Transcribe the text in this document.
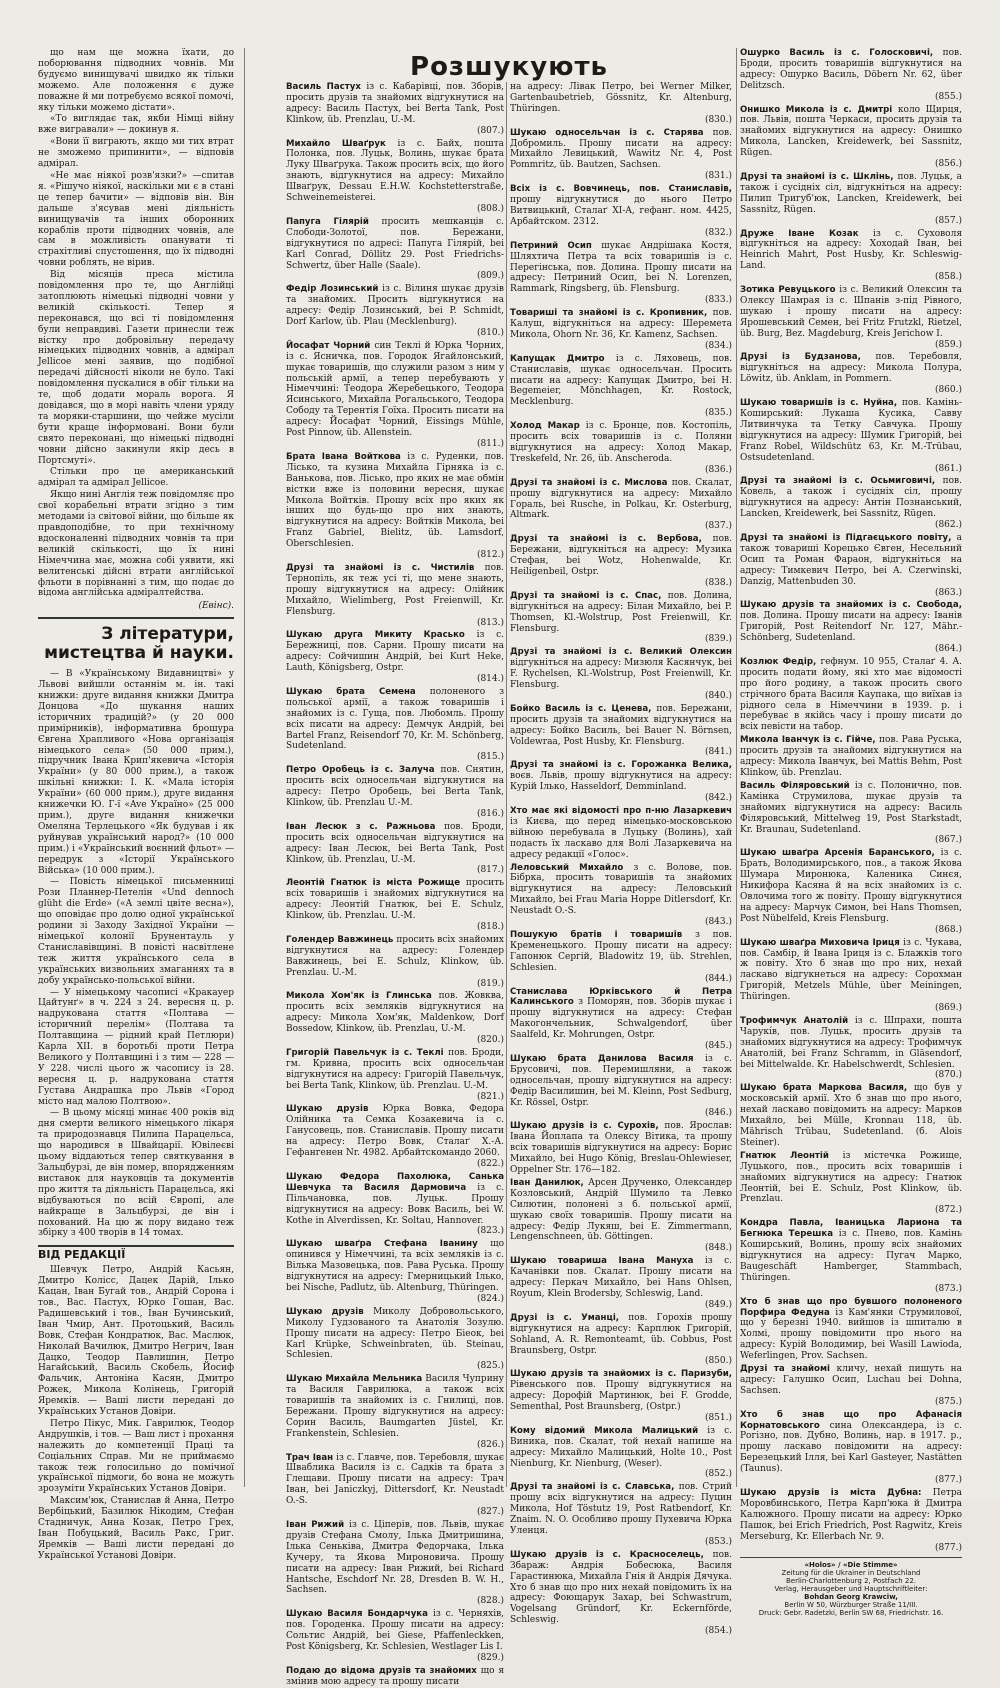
Розшукують
що нам ще можна їхати, до поборювання підводних човнів. Ми будуємо винищувачі швидко як тільки можемо. Але положення є дуже поважне й ми потребуємо всякої помочі, яку тільки можемо дістати».
«То виглядає так, якби Німці війну вже вигравали» — докинув я.
«Вони її виграють, якщо ми тих втрат не зможемо припинити», — відповів адмірал.
«Не має ніякої розв'язки?» —спитав я. «Рішучо ніякої, наскільки ми є в стані це тепер бачити» — відповів він. Він дальше з'ясував мені діяльність винищувачів та інших оборонних кораблів проти підводних човнів, але сам в можливість опанувати ті страхітливі спустошення, що їх підводні човни роблять, не вірив.
Від місяців преса містила повідомлення про те, що Англійці затоплюють німецькі підводні човни у великій скількості. Тепер я переконався, що всі ті повідомлення були неправдиві. Газети принесли теж вістку про добровільну передачу німецьких підводних човнів, а адмірал Jellicoe мені заявив, що подібної передачі дійсності ніколи не було. Такі повідомлення пускалися в обіг тільки на те, щоб додати мораль ворога. Я довідався, що в морі навіть члени уряду та моряки-старшини, що чейже мусіли бути краще інформовані. Вони були свято переконані, що німецькі підводні човни дійсно закинули якір десь в Портсмуті».
Стільки про це американський адмірал та адмірал Jellicoe.
Якщо нині Англія теж повідомляє про свої корабельні втрати згідно з тим методами із світової війни, що більше як правдоподібне, то при технічному вдосконаленні підводних човнів та при великій скількості, що їх нині Німеччина має, можна собі уявити, які велитенські дійсні втрати англійської фльоти в порівнанні з тим, що подає до відома англійська адміралтейства.
(Евінс).
З літератури, мистецтва й науки.
— В «Українському Видавництві» у Львові вийшли останнім м. ін. такі книжки: друге видання книжки Дмитра Донцова «До шукання наших історичних традицій?» (у 20 000 примірників), інформативна брошура Євгена Храпливого «Нова організація німецького села» (50 000 прим.), підручник Івана Крип'якевича «Історія України» (у 80 000 прим.), а також шкільні книжки: І. К. «Мала історія України» (60 000 прим.), друге видання книжечки Ю. Г-ї «Ave Україно» (25 000 прим.), друге видання книжечки Омеляна Терлецького «Як будував і як руйнував український народ?» (10 000 прим.) і «Український воєнний фльот» — передрук з «Історії Українського Війська» (10 000 прим.).
— Повість німецької письменниці Рози Планнер-Петелін «Und dennoch glüht die Erde» («А землі цвіте весна»), що оповідає про долю одної української родини зі Заходу Західної України — німецької колонії Брунентауль у Станиславівщині. В повісті насвітлене теж життя українського села в українських визвольних змаганнях та в добу українсько-польської війни.
— У німецькому часописі «Кракауер Цайтунґ» в ч. 224 з 24. вересня ц. р. надрукована стаття «Полтава — історичний перелім» (Полтава та Полтавщина — рідний край Петлюри) Карла XII. в боротьбі проти Петра Великого у Полтавщині і з тим — 228 — У 228. числі цього ж часопису із 28. вересня ц. р. надрукована стаття Густава Андрашка про Львів «Город місто над малою Полтвою».
— В цьому місяці минає 400 років від дня смерти великого німецького лікаря та природознавця Пилипа Парацельса, що народився в Швайцарії. Ювілеєві цьому віддаються тепер святкування в Зальцбурзі, де він помер, впорядженням виставок для науковців та документів про життя та діяльність Парацельса, які відбуваються по всій Європі, але найкраще в Зальцбурзі, де він і похований. На цю ж пору видано теж збірку з 400 творів в 14 томах.
ВІД РЕДАКЦІЇ
Шевчук Петро, Андрій Касьян, Дмитро Колісс, Дацек Дарій, Ілько Кацан, Іван Бугай тов., Андрій Сорона і тов., Вас. Пастух, Юрко Гошан, Вас. Радишевський і тов., Іван Бучинський, Іван Чмир, Ант. Протоцький, Василь Вовк, Стефан Кондратюк, Вас. Маслюк, Николай Вачилюк, Дмитро Негрич, Іван Дацко, Теодор Павлишин, Петро Нагайський, Василь Скобель, Йосиф Фальчик, Антоніна Касян, Дмитро Рожек, Микола Колінець, Григорій Яремків. — Ваші листи передані до Українських Установ Довіри.
Петро Пікус, Мик. Гаврилюк, Теодор Андрушків, і тов. — Ваш лист і прохання належить до компетенції Праці та Соціальних Справ. Ми не приймаємо також теж голосильно до помічної української підмоги, бо вона не можуть зрозуміти Українських Установ Довіри.
Максим'юк, Станислав й Анна, Петро Вербіцький, Базилюк Нікодим, Стефан Стадничук, Анна Козак, Петро Грех, Іван Побуцький, Василь Ракс, Григ. Яремків — Ваші листи передані до Української Установі Довіри.
Василь Пастух із с. Кабарівці, пов. Зборів, просить друзів та знайомих відгукнутися на адресу: Василь Пастух, bei Berta Tank, Post Klinkow, üb. Prenzlau, U.-M.
(807.)
Михайло Шваґрук із с. Байх, пошта Полонка, пов. Луцьк, Волинь, шукає брата Луку Шваґрука. Також просить всіх, що його знають, відгукнутися на адресу: Михайло Шваґрук, Dessau E.H.W. Kochstetterstraße, Schweinemeisterei.
(808.)
Папуга Гілярій просить мешканців с. Слободи-Золотої, пов. Бережани, відгукнутися по адресі: Папуга Гілярій, bei Karl Conrad, Döllitz 29. Post Friedrichs-Schwertz, über Halle (Saale).
(809.)
Федір Лозинський із с. Вілиня шукає друзів та знайомих. Просить відгукнутися на адресу: Федір Лозинський, bei P. Schmidt, Dorf Karlow, üb. Plau (Mecklenburg).
(810.)
Йосафат Чорний син Теклі й Юрка Чорних, із с. Ясничка, пов. Городок Ягайлонський, шукає товаришів, що служили разом з ним у польській армії, а тепер перебувають у Німеччині: Теодора Жеребецького, Теодора Ясинського, Михайла Рогальського, Теодора Сободу та Терентія Гоїха. Просить писати на адресу: Йосафат Чорний, Eissings Mühle, Post Pinnow, üb. Allenstein.
(811.)
Брата Івана Войткова із с. Руденки, пов. Лісько, та кузина Михайла Гірняка із с. Ваньковa, пов. Лісько, про яких не має обмін вістки вже із половини вересня, шукає Микола Войтків. Прошу всіх про яких як інших що будь-що про них знають, відгукнутися на адресу: Войтків Микола, bei Franz Gabriel, Bielitz, üb. Lamsdorf, Oberschlesien.
(812.)
Друзі та знайомі із с. Чистилів пов. Тернопіль, як теж усі ті, що мене знають, прошу відгукнутися на адресу: Олійник Михайло, Wielimberg, Post Freienwill, Kr. Flensburg.
(813.)
Шукаю друга Микиту Красько із с. Бережниці, пов. Сарни. Прошу писати на адресу: Сойчишин Андрій, bei Kurt Heke, Lauth, Königsberg, Ostpr.
(814.)
Шукаю брата Семена полоненого з польської армії, а також товаришів і знайомих із с. Гуща, пов. Любомль. Прошу всіх писати на адресу: Демчук Андрій, bei Bartel Franz, Reisendorf 70, Kr. M. Schönberg, Sudetenland.
(815.)
Петро Оробець із с. Залуча пов. Снятин, просить всіх односельчан відгукнутися на адресу: Петро Оробець, bei Berta Tank, Klinkow, üb. Prenzlau U.-M.
(816.)
Іван Лесюк з с. Ражньова пов. Броди, просить всіх односельчан відгукнутися на адресу: Іван Лесюк, bei Berta Tank, Post Klinkow, üb. Prenzlau, U.-M.
(817.)
Леонтій Гнатюк із міста Рожище просить всіх товаришів і знайомих відгукнутися на адресу: Леонтій Гнатюк, bei E. Schulz, Klinkow, üb. Prenzlau. U.-M.
(818.)
Голендер Вавжинець просить всіх знайомих відгукнутися на адресу: Голендер Вавжинець, bei E. Schulz, Klinkow, üb. Prenzlau. U.-M.
(819.)
Микола Хом'як із Глинська пов. Жовква, просить всіх земляків відгукнутися на адресу: Микола Хом'як, Maldenkow, Dorf Bossedow, Klinkow, üb. Prenzlau, U.-M.
(820.)
Григорій Павельчук із с. Теклі пов. Броди, гм. Кривна, просить всіх односельчан відгукнутися на адресу: Григорій Павельчук, bei Berta Tank, Klinkow, üb. Prenzlau. U.-M.
(821.)
Шукаю друзів Юрка Вовка, Федора Олійника та Семка Козакевича із с. Ганусовець, пов. Станиславів. Прошу писати на адресу: Петро Вовк, Сталаґ Х.-А. Гефангенен Nr. 4982. Арбайтскомандо 2060.
(822.)
Шукаю Федора Пахолюка, Санька Шевчука та Василя Дармовича із с. Пільчановка, пов. Луцьк. Прошу відгукнутися на адресу: Вовк Василь, bei W. Kothe in Alverdissen, Kr. Soltau, Hannover.
(823.)
Шукаю шваґра Стефана Іванину що опинився у Німеччині, та всіх земляків із с. Вілька Мазовецька, пов. Рава Руська. Прошу відгукнутися на адресу: Гмерницький Ілько, bei Nische, Padlutz, üb. Altenburg, Thüringen.
(824.)
Шукаю друзів Миколу Добровольського, Миколу Гудзованого та Анатолія Зозулю. Прошу писати на адресу: Петро Біеок, bei Karl Krüpke, Schweinbraten, üb. Steinau, Schlesien.
(825.)
Шукаю Михайла Мельника Василя Чуприну та Василя Гаврилюка, а також всіх товаришів та знайомих із с. Гнилиці, пов. Бережани. Прошу відгукнутися на адресу: Сорин Василь, Baumgarten Jüstel, Kr. Frankenstein, Schlesien.
(826.)
Трач Іван із с. Главче, пов. Теребовля, шукає Шваблика Василя із с. Садків та брата з Глещави. Прошу писати на адресу: Трач Іван, bei Janiczkyj, Dittersdorf, Kr. Neustadt O.-S.
(827.)
Іван Рижий із с. Ціперів, пов. Львів, шукає друзів Стефана Смолу, Ілька Дмитришина, Ілька Сеньківа, Дмитра Федорчака, Ілька Кучеру, та Якова Мироновича. Прошу писати на адресу: Іван Рижий, bei Richard Hantsche, Eschdorf Nr. 28, Dresden B. W. H., Sachsen.
(828.)
Шукаю Василя Бондарчука із с. Черняхів, пов. Городенка. Прошу писати на адресу: Сольтис Андрій, bei Giese, Pfaffenleckken, Post Königsberg, Kr. Schlesien, Westlager Lis I.
(829.)
Подаю до відома друзів та знайомих що я змінив мою адресу та прошу писати
на адресу: Лівак Петро, bei Werner Milker, Gartenbaubetrieb, Gössnitz, Kr. Altenburg, Thüringen.
(830.)
Шукаю односельчан із с. Старява пов. Добромиль. Прошу писати на адресу: Михайло Левицький, Wawitz Nr. 4, Post Pommritz, üb. Bautzen, Sachsen.
(831.)
Всіх із с. Вовчинець, пов. Станиславів, прошу відгукнутися до нього Петро Витвицький, Сталаґ XI-A, гефанг. ном. 4425, Арбайтском. 2312.
(832.)
Петриний Осип шукає Андрішака Костя, Шляхтича Петра та всіх товаришів із с. Перегінська, пов. Долина. Прошу писати на адресу: Петриний Осип, bei N. Lorenzen, Rammark, Ringsberg, üb. Flensburg.
(833.)
Товариші та знайомі із с. Кропивник, пов. Калуш, відгукніться на адресу: Шеремета Микола, Ohorn Nr. 36, Kr. Kamenz, Sachsen.
(834.)
Капущак Дмитро із с. Ляховець, пов. Станиславів, шукає односельчан. Просить писати на адресу: Капущак Дмитро, bei H. Begemeier, Mönchhagen, Kr. Rostock, Mecklenburg.
(835.)
Холод Макар із с. Бронце, пов. Костопіль, просить всіх товаришів із с. Поляни відгукнутися на адресу: Холод Макар, Treskefeld, Nr. 26, üb. Anscheroda.
(836.)
Друзі та знайомі із с. Мислова пов. Скалат, прошу відгукнутися на адресу: Михайло Гораль, bei Rusche, in Polkau, Kr. Osterburg, Altmark.
(837.)
Друзі та знайомі із с. Вербова, пов. Бережани, відгукніться на адресу: Музика Стефан, bei Wotz, Hohenwalde, Kr. Heiligenbeil, Ostpr.
(838.)
Друзі та знайомі із с. Спас, пов. Долина, відгукніться на адресу: Білан Михайло, bei P. Thomsen, Kl.-Wolstrup, Post Freienwill, Kr. Flensburg.
(839.)
Друзі та знайомі із с. Великий Олексин відгукніться на адресу: Мизюля Касянчук, bei F. Rychelsen, Kl.-Wolstrup, Post Freienwill, Kr. Flensburg.
(840.)
Бойко Василь із с. Ценева, пов. Бережани, просить друзів та знайомих відгукнутися на адресу: Бойко Василь, bei Bauer N. Börnsen, Voldewraa, Post Husby, Kr. Flensburg.
(841.)
Друзі та знайомі із с. Горожанка Велика, воєв. Львів, прошу відгукнутися на адресу: Курій Ілько, Hasseldorf, Demminland.
(842.)
Хто має які відомості про п-ню Лазаркевич із Києва, що перед німецько-московською війною перебувала в Луцьку (Волинь), хай подасть їх ласкаво для Волі Лазаркевича на адресу редакції «Голос».
Леловський Михайло з с. Волове, пов. Бібрка, просить товаришів та знайомих відгукнутися на адресу: Леловський Михайло, bei Frau Maria Hoppe Ditlersdorf, Kr. Neustadt O.-S.
(843.)
Пошукую братів і товаришів з пов. Кременецького. Прошу писати на адресу: Гапонюк Сергій, Bladowitz 19, üb. Strehlen, Schlesien.
(844.)
Станиславa Юрківського й Петра Калинського з Поморян, пов. Зборів шукає і прошу відгукнутися на адресу: Стефан Макогончельник, Schwalgendorf, über Saalfeld, Kr. Mohrungen, Ostpr.
(845.)
Шукаю брата Данилова Василя із с. Брусовичі, пов. Перемишляни, а також односельчан, прошу відгукнутися на адресу: Федір Василишин, bei M. Kleinn, Post Sedburg, Kr. Rössel, Ostpr.
(846.)
Шукаю друзів із с. Сурохів, пов. Ярослав: Івана Йоплапа та Олексу Вітика, та прошу всіх товаришів відгукнутися на адресу: Борис Михайло, bei Hugo König, Breslau-Ohlewieser, Oppelner Str. 176—182.
Іван Данилюк, Арсен Друченко, Олександер Козловський, Андрій Шумило та Левко Силютин, полонені з б. польської армії, шукаю своїх товаришів. Прошу писати на адресу: Федір Лукяш, bei E. Zimmermann, Lengenschneen, üb. Göttingen.
(848.)
Шукаю товариша Івана Мануха із с. Качанівки пов. Скалат. Прошу писати на адресу: Перкач Михайло, bei Hans Ohlsen, Royum, Klein Brodersby, Schleswig, Land.
(849.)
Друзі із с. Уманці, пов. Горохів прошу відгукнутися на адресу: Карплюк Григорій, Sohland, A. R. Remonteamt, üb. Cobbus, Post Braunsberg, Ostpr.
(850.)
Шукаю друзів та знайомих із с. Паризуби, Рівенського пов. Прошу відгукнутися на адресу: Дорофій Мартинюк, bei F. Grodde, Sementhal, Post Braunsberg, (Ostpr.)
(851.)
Кому відомий Микола Малицький із с. Виника, пов. Скалат, той нехай напише на адресу: Михайло Малицький, Holte 10., Post Nienburg, Kr. Nienburg, (Weser).
(852.)
Друзі та знайомі із с. Славська, пов. Стрий прошу всіх відгукнутися на адресу: Пуцин Микола, Hof Töstutz 19, Post Ratbendorf, Kr. Znaim. N. O. Особливо прошу Пухевича Юрка Уленця.
(853.)
Шукаю друзів із с. Красноселець, пов. Збараж: Андрія Бобесюка, Василя Гарастинюка, Михайла Гнія й Андрія Дячука. Хто б знав що про них нехай повідомить їх на адресу: Фоющарук Захар, bei Schwastrum, Vogelsang Gründorf, Kr. Eckernförde, Schleswig.
(854.)
Ошурко Василь із с. Голосковичі, пов. Броди, просить товаришів відгукнутися на адресу: Ошурко Василь, Döbern Nr. 62, über Delitzsch.
(855.)
Онишко Микола із с. Дмитрі коло Щирця, пов. Львів, пошта Черкаси, просить друзів та знайомих відгукнутися на адресу: Онишко Микола, Lancken, Kreidewerk, bei Sassnitz, Rügen.
(856.)
Друзі та знайомі із с. Шклінь, пов. Луцьк, а також і сусідніх сіл, відгукніться на адресу: Пилип Тригуб'юк, Lancken, Kreidewerk, bei Sassnitz, Rügen.
(857.)
Друже Іване Козак із с. Суховоля відгукніться на адресу: Хоходай Іван, bei Heinrich Mahrt, Post Husby, Kr. Schleswig-Land.
(858.)
Зотика Ревуцького із с. Великий Олексин та Олексу Шамрая із с. Шпанів з-під Рівного, шукаю і прошу писати на адресу: Ярошевський Семен, bei Fritz Frutzkl, Rietzel, üb. Burg, Bez. Magdeburg, Kreis Jerichow I.
(859.)
Друзі із Будзанова, пов. Теребовля, відгукніться на адресу: Микола Полура, Löwitz, üb. Anklam, in Pommern.
(860.)
Шукаю товаришів із с. Нуйна, пов. Камінь-Коширський: Лукаша Кусика, Савву Литвинчука та Тетку Савчука. Прошу відгукнутися на адресу: Шумик Григорій, bei Franz Robel, Wildschütz 63, Kr. M.-Trübau, Ostsudetenland.
(861.)
Друзі та знайомі із с. Осьмиговичі, пов. Ковель, а також і сусідніх сіл, прошу відгукнутися на адресу: Антін Познанський, Lancken, Kreidewerk, bei Sassnitz, Rügen.
(862.)
Друзі та знайомі із Підгаєцького повіту, а також товариші Корецько Євген, Несельний Осип та Роман Фараон, відгукніться на адресу: Тимкевич Петро, bei A. Czerwinski, Danzig, Mattenbuden 30.
(863.)
Шукаю друзів та знайомих із с. Свобода, пов. Долина. Прошу писати на адресу: Іванів Григорій, Post Reitendorf Nr. 127, Mähr.-Schönberg, Sudetenland.
(864.)
Козлюк Федір, гефнум. 10 955, Сталаґ 4. А. просить подати йому, які хто має відомості про його родину, а також просить свого стрічного брата Василя Каупака, що виїхав із рідного села в Німеччини в 1939. р. і перебуває в якійсь часу і прошу писати до всіх певісти на табор.
Микола Іванчук із с. Гійче, пов. Рава Руська, просить друзів та знайомих відгукнутися на адресу: Микола Іванчук, bei Mattis Behm, Post Klinkow, üb. Prenzlau.
Василь Філяровський із с. Полонично, пов. Камінка Струмилова, шукає друзів та знайомих відгукнутися на адресу: Василь Філяровський, Mittelweg 19, Post Starkstadt, Kr. Braunau, Sudetenland.
(867.)
Шукаю шваґра Арсенія Баранського, із с. Брать, Володимирського, пов., а також Якова Шумара Миронюка, Каленика Синєя, Никифора Касяна й на всіх знайомих із с. Овлочима того ж повіту. Прошу відгукнутися на адресу: Марчук Симон, bei Hans Thomsen, Post Nübelfeld, Kreis Flensburg.
(868.)
Шукаю шваґра Миховича Іриця із с. Чукава, пов. Самбір, й Івана Іриця із с. Блажків того ж повіту. Хто б знав що про них, нехай ласкаво відгукнеться на адресу: Сорохман Григорій, Metzels Mühle, über Meiningen, Thüringen.
(869.)
Трофимчук Анатолій із с. Шпрахи, пошта Чарукі́в, пов. Луцьк, просить друзів та знайомих відгукнутися на адресу: Трофимчук Анатолій, bei Franz Schramm, in Gläsendorf, bei Mittelwalde. Kr. Habelschwerdt, Schlesien.
(870.)
Шукаю брата Маркова Василя, що був у московській армії. Хто б знав що про нього, нехай ласкаво повідомить на адресу: Марков Михайло, bei Mülle, Kronnau 118, üb. Mährisch Trübau, Sudetenland. (б. Alois Steiner).
Гнатюк Леонтій із містечка Рожище, Луцького, пов., просить всіх товаришів і знайомих відгукнутися на адресу: Гнатюк Леонтій, bei E. Schulz, Post Klinkow, üb. Prenzlau.
(872.)
Кондра Павла, Іваницька Лариона та Бегнюка Терешка із с. Пнево, пов. Камінь Коширський, Волинь, прошу всіх знайомих відгукнутися на адресу: Пугач Марко, Baugeschäft Hamberger, Stammbach, Thüringen.
(873.)
Хто б знав що про бувшого полоненого Порфира Федуна із Кам'янки Струмилової, що у березні 1940. вийшов із шпиталю в Холмі, прошу повідомити про нього на адресу: Курій Володимир, bei Wasill Lawioda, Weferlingen, Prov. Sachsen.
Друзі та знайомі кличу, нехай пишуть на адресу: Галушко Осип, Luchau bei Dohna, Sachsen.
(875.)
Хто б знав що про Афанасія Корнатовського сина Олександера, із с. Рогізно, пов. Дубно, Волинь, нар. в 1917. р., прошу ласкаво повідомити на адресу: Березецький Ілля, bei Karl Gasteyer, Nastätten (Taunus).
(877.)
Шукаю друзів із міста Дубна: Петра Моровбинського, Петра Карп'юка й Дмитра Калюжного. Прошу писати на адресу: Юрко Пашок, bei Erich Friedrich, Post Ragwitz, Kreis Merseburg, Kr. Ellerbach Nr. 9.
(877.)
«Holos» / «Die Stimme»
Zeitung für die Ukrainer in Deutschland
Berlin-Charlottenburg 2, Postfach 22.
Verlag, Herausgeber und Hauptschriftleiter:
Bohdan Georg Krawciw,
Berlin W 50, Würzburger Straße 11/III.
Druck: Gebr. Radetzki, Berlin SW 68, Friedrichstr. 16.
